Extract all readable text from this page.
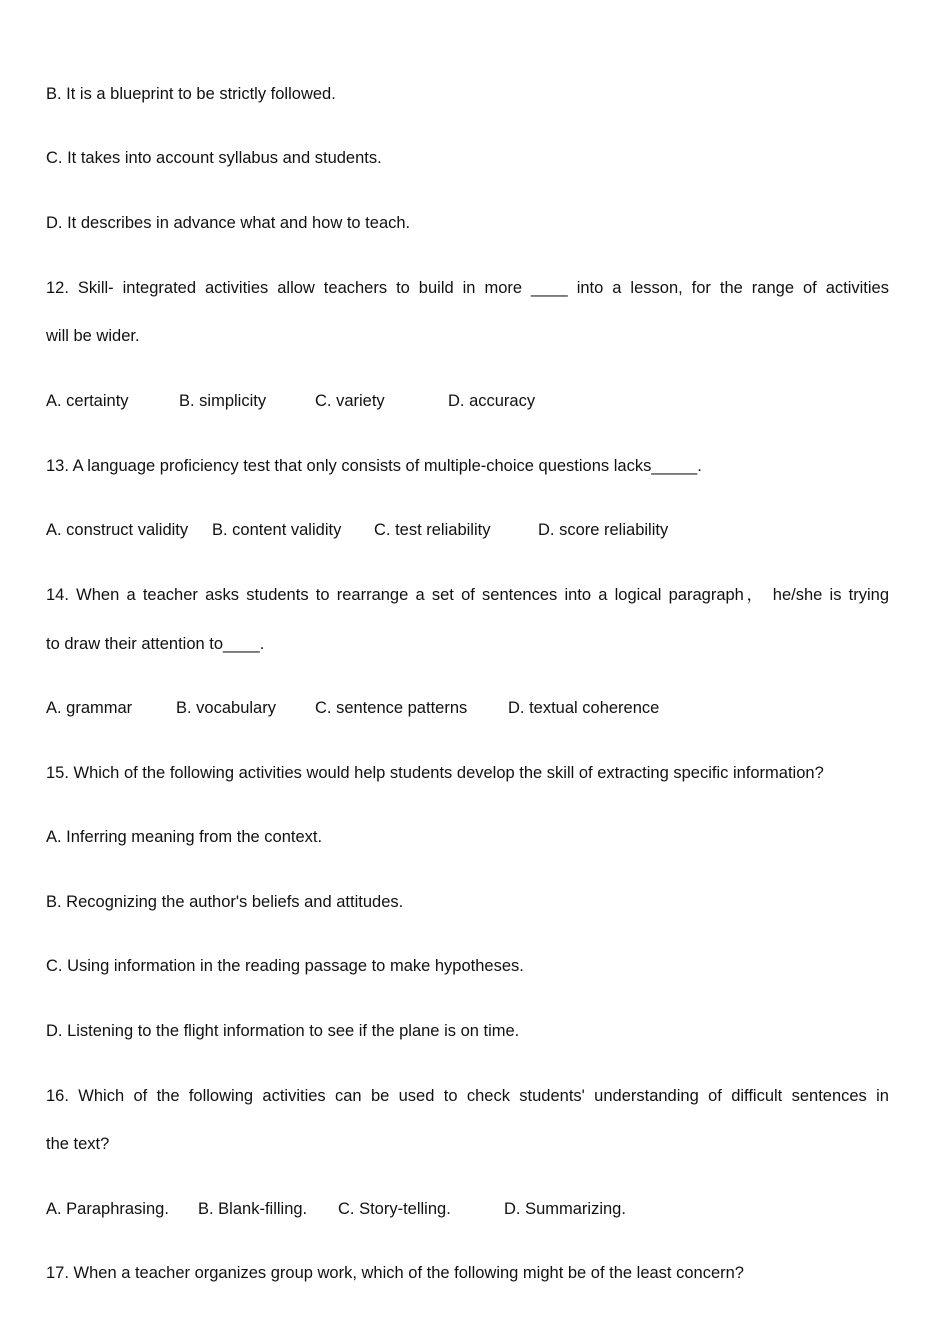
B. It is a blueprint to be strictly followed.
C. It takes into account syllabus and students.
D. It describes in advance what and how to teach.
12. Skill- integrated activities allow teachers to build in more ____ into a lesson, for the range of activities
will be wider.
A. certainty	B. simplicity	C. variety	D. accuracy
13. A language proficiency test that only consists of multiple-choice questions lacks_____.
A. construct validity B. content validity C. test reliability	D. score reliability
14. When a teacher asks students to rearrange a set of sentences into a logical paragraph， he/she is trying
to draw their attention to____.
A. grammar	B. vocabulary C. sentence patterns D. textual coherence
15. Which of the following activities would help students develop the skill of extracting specific information?
A. Inferring meaning from the context.
B. Recognizing the author's beliefs and attitudes.
C. Using information in the reading passage to make hypotheses.
D. Listening to the flight information to see if the plane is on time.
16. Which of the following activities can be used to check students' understanding of difficult sentences in
the text?
A. Paraphrasing. B. Blank-filling. C. Story-telling.	D. Summarizing.
17. When a teacher organizes group work, which of the following might be of the least concern?
